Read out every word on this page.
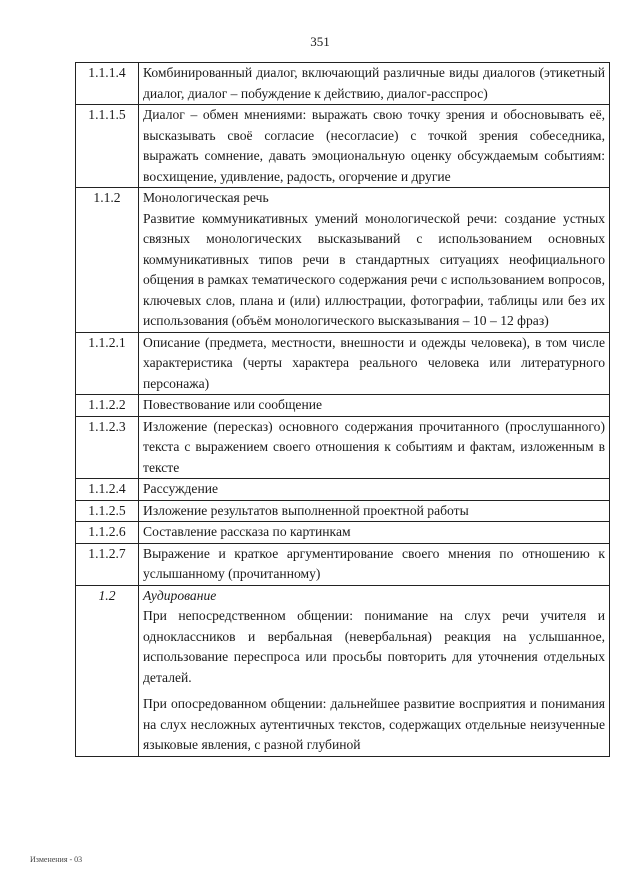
351
1.1.1.4	Комбинированный диалог, включающий различные виды диалогов (этикетный диалог, диалог – побуждение к действию, диалог-расспрос)

1.1.1.5	Диалог – обмен мнениями: выражать свою точку зрения и обосновывать её, высказывать своё согласие (несогласие) с точкой зрения собеседника, выражать сомнение, давать эмоциональную оценку обсуждаемым событиям: восхищение, удивление, радость, огорчение и другие

1.1.2	Монологическая речь
Развитие коммуникативных умений монологической речи: создание устных связных монологических высказываний с использованием основных коммуникативных типов речи в стандартных ситуациях неофициального общения в рамках тематического содержания речи с использованием вопросов, ключевых слов, плана и (или) иллюстрации, фотографии, таблицы или без их использования (объём монологического высказывания – 10 – 12 фраз)

1.1.2.1	Описание (предмета, местности, внешности и одежды человека), в том числе характеристика (черты характера реального человека или литературного персонажа)

1.1.2.2	Повествование или сообщение

1.1.2.3	Изложение (пересказ) основного содержания прочитанного (прослушанного) текста с выражением своего отношения к событиям и фактам, изложенным в тексте

1.1.2.4	Рассуждение

1.1.2.5	Изложение результатов выполненной проектной работы

1.1.2.6	Составление рассказа по картинкам

1.1.2.7	Выражение и краткое аргументирование своего мнения по отношению к услышанному (прочитанному)

1.2	Аудирование
При непосредственном общении: понимание на слух речи учителя и одноклассников и вербальная (невербальная) реакция на услышанное, использование переспроса или просьбы повторить для уточнения отдельных деталей.
При опосредованном общении: дальнейшее развитие восприятия и понимания на слух несложных аутентичных текстов, содержащих отдельные неизученные языковые явления, с разной глубиной
Изменения - 03
